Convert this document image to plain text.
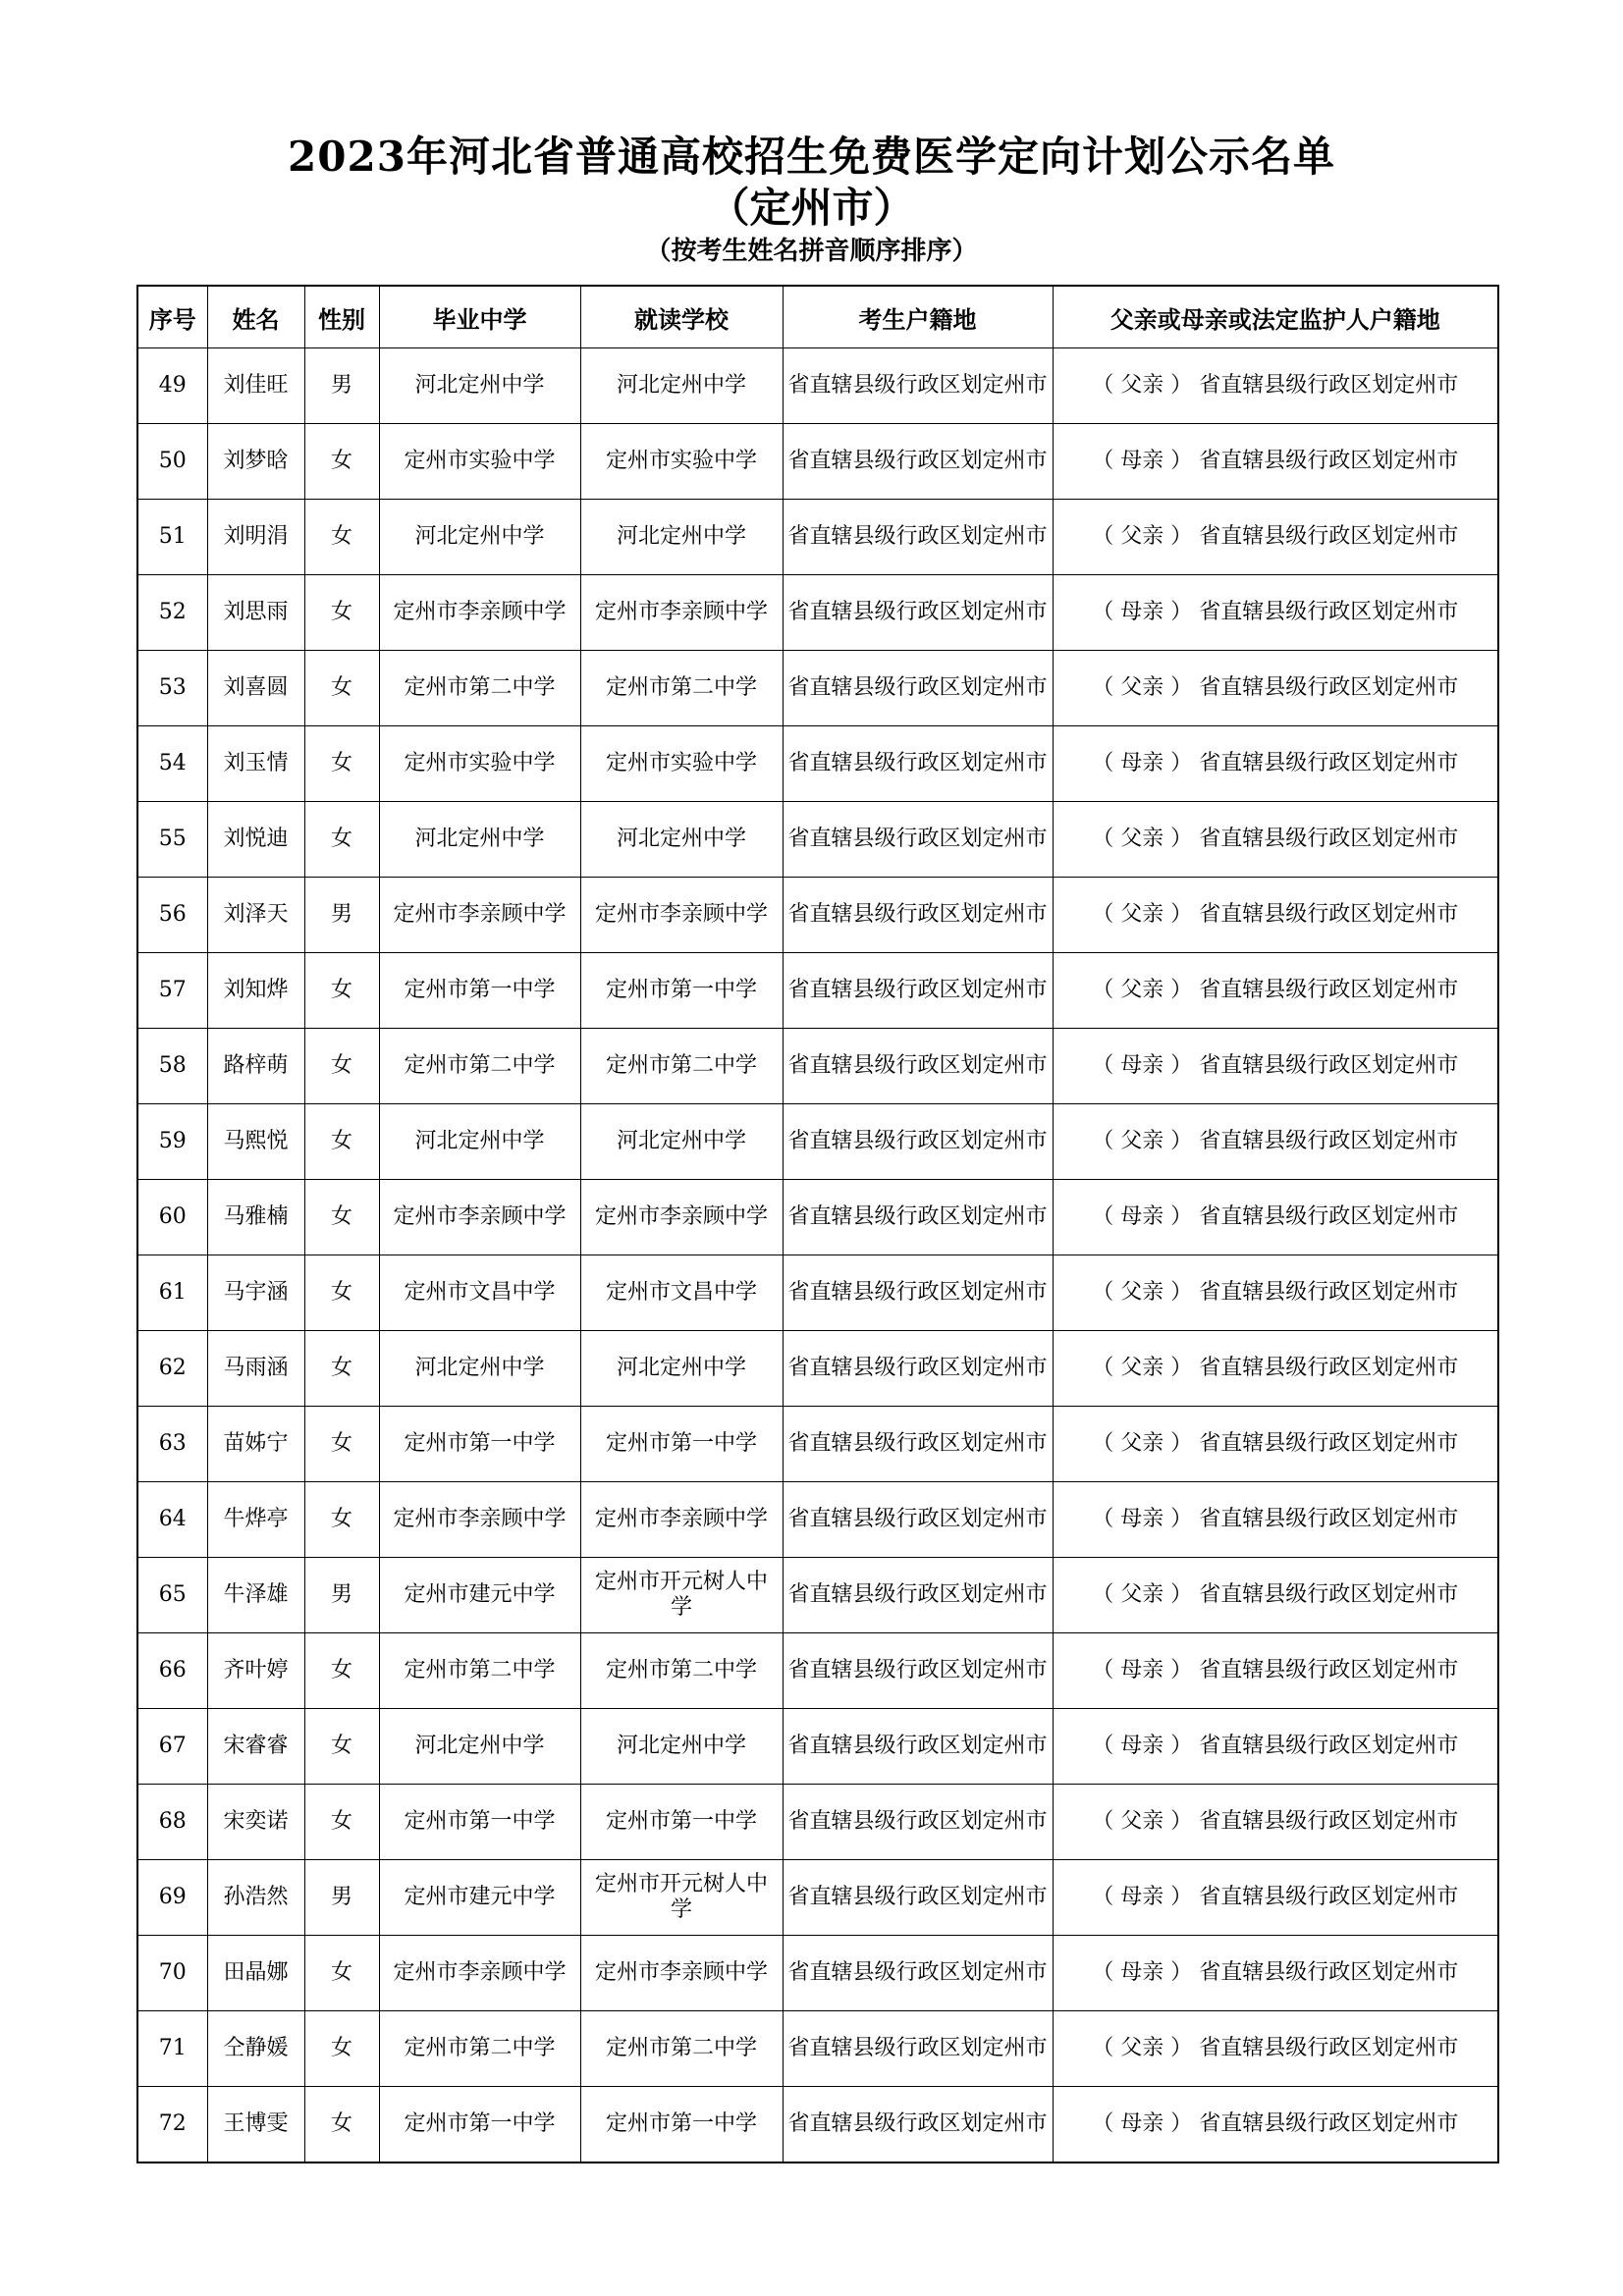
2023年河北省普通高校招生免费医学定向计划公示名单
（定州市）
（按考生姓名拼音顺序排序）
序号	姓名	性别	毕业中学	就读学校	考生户籍地	父亲或母亲或法定监护人户籍地
49	刘佳旺	男	河北定州中学	河北定州中学	省直辖县级行政区划定州市	（ 父亲 ） 省直辖县级行政区划定州市
50	刘梦晗	女	定州市实验中学	定州市实验中学	省直辖县级行政区划定州市	（ 母亲 ） 省直辖县级行政区划定州市
51	刘明涓	女	河北定州中学	河北定州中学	省直辖县级行政区划定州市	（ 父亲 ） 省直辖县级行政区划定州市
52	刘思雨	女	定州市李亲顾中学	定州市李亲顾中学	省直辖县级行政区划定州市	（ 母亲 ） 省直辖县级行政区划定州市
53	刘喜圆	女	定州市第二中学	定州市第二中学	省直辖县级行政区划定州市	（ 父亲 ） 省直辖县级行政区划定州市
54	刘玉情	女	定州市实验中学	定州市实验中学	省直辖县级行政区划定州市	（ 母亲 ） 省直辖县级行政区划定州市
55	刘悦迪	女	河北定州中学	河北定州中学	省直辖县级行政区划定州市	（ 父亲 ） 省直辖县级行政区划定州市
56	刘泽天	男	定州市李亲顾中学	定州市李亲顾中学	省直辖县级行政区划定州市	（ 父亲 ） 省直辖县级行政区划定州市
57	刘知烨	女	定州市第一中学	定州市第一中学	省直辖县级行政区划定州市	（ 父亲 ） 省直辖县级行政区划定州市
58	路梓萌	女	定州市第二中学	定州市第二中学	省直辖县级行政区划定州市	（ 母亲 ） 省直辖县级行政区划定州市
59	马熙悦	女	河北定州中学	河北定州中学	省直辖县级行政区划定州市	（ 父亲 ） 省直辖县级行政区划定州市
60	马雅楠	女	定州市李亲顾中学	定州市李亲顾中学	省直辖县级行政区划定州市	（ 母亲 ） 省直辖县级行政区划定州市
61	马宇涵	女	定州市文昌中学	定州市文昌中学	省直辖县级行政区划定州市	（ 父亲 ） 省直辖县级行政区划定州市
62	马雨涵	女	河北定州中学	河北定州中学	省直辖县级行政区划定州市	（ 父亲 ） 省直辖县级行政区划定州市
63	苗姊宁	女	定州市第一中学	定州市第一中学	省直辖县级行政区划定州市	（ 父亲 ） 省直辖县级行政区划定州市
64	牛烨亭	女	定州市李亲顾中学	定州市李亲顾中学	省直辖县级行政区划定州市	（ 母亲 ） 省直辖县级行政区划定州市
65	牛泽雄	男	定州市建元中学	定州市开元树人中学	省直辖县级行政区划定州市	（ 父亲 ） 省直辖县级行政区划定州市
66	齐叶婷	女	定州市第二中学	定州市第二中学	省直辖县级行政区划定州市	（ 母亲 ） 省直辖县级行政区划定州市
67	宋睿睿	女	河北定州中学	河北定州中学	省直辖县级行政区划定州市	（ 母亲 ） 省直辖县级行政区划定州市
68	宋奕诺	女	定州市第一中学	定州市第一中学	省直辖县级行政区划定州市	（ 父亲 ） 省直辖县级行政区划定州市
69	孙浩然	男	定州市建元中学	定州市开元树人中学	省直辖县级行政区划定州市	（ 母亲 ） 省直辖县级行政区划定州市
70	田晶娜	女	定州市李亲顾中学	定州市李亲顾中学	省直辖县级行政区划定州市	（ 母亲 ） 省直辖县级行政区划定州市
71	仝静媛	女	定州市第二中学	定州市第二中学	省直辖县级行政区划定州市	（ 父亲 ） 省直辖县级行政区划定州市
72	王博雯	女	定州市第一中学	定州市第一中学	省直辖县级行政区划定州市	（ 母亲 ） 省直辖县级行政区划定州市
